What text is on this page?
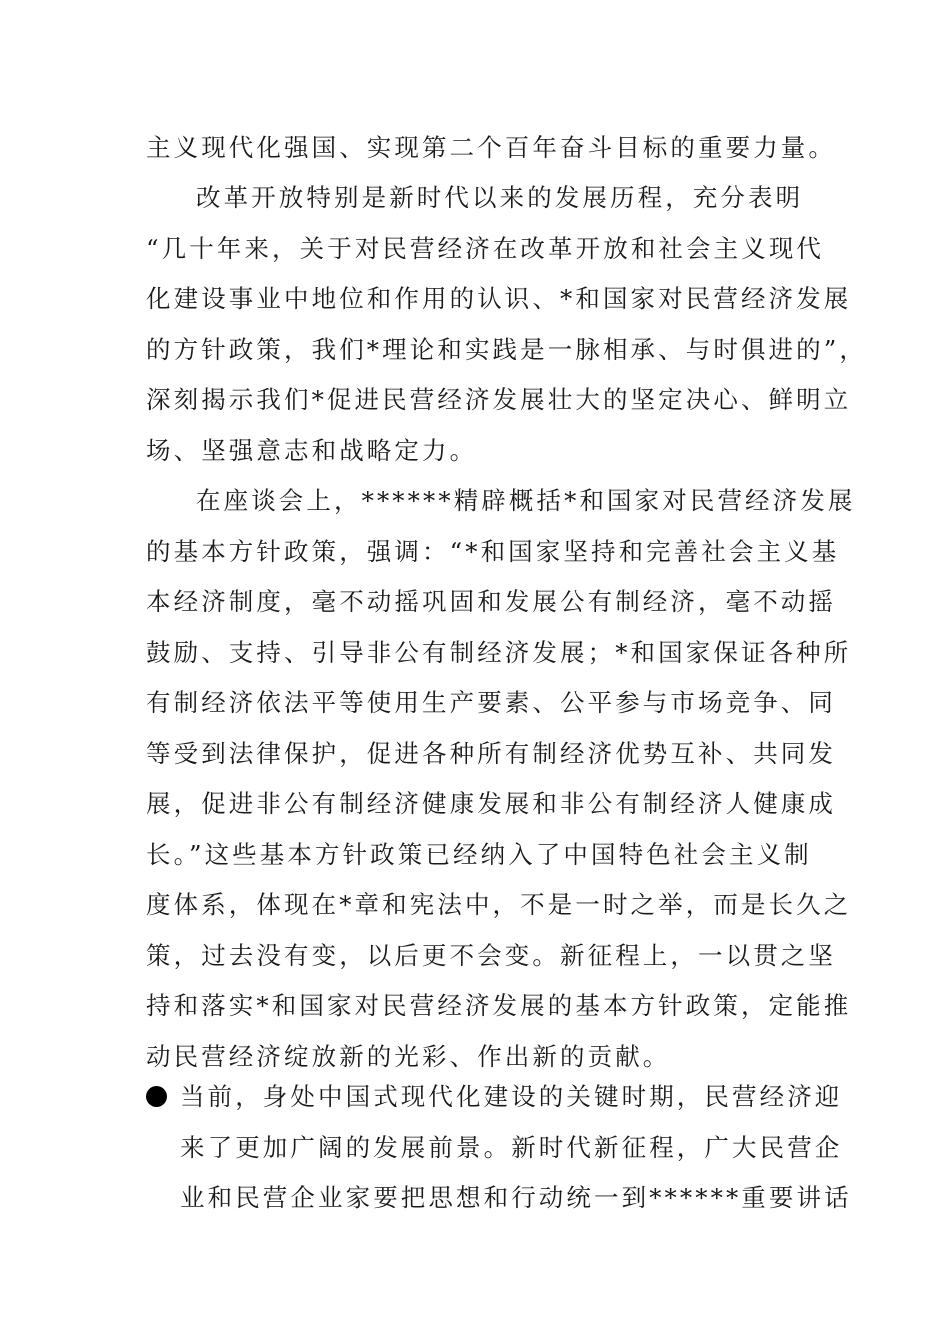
主义现代化强国、实现第二个百年奋斗目标的重要力量。
改革开放特别是新时代以来的发展历程，充分表明
“几十年来，关于对民营经济在改革开放和社会主义现代
化建设事业中地位和作用的认识、*和国家对民营经济发展
的方针政策，我们*理论和实践是一脉相承、与时俱进的”，
深刻揭示我们*促进民营经济发展壮大的坚定决心、鲜明立
场、坚强意志和战略定力。
在座谈会上，******精辟概括*和国家对民营经济发展
的基本方针政策，强调：“*和国家坚持和完善社会主义基
本经济制度，毫不动摇巩固和发展公有制经济，毫不动摇
鼓励、支持、引导非公有制经济发展；*和国家保证各种所
有制经济依法平等使用生产要素、公平参与市场竞争、同
等受到法律保护，促进各种所有制经济优势互补、共同发
展，促进非公有制经济健康发展和非公有制经济人健康成
长。”这些基本方针政策已经纳入了中国特色社会主义制
度体系，体现在*章和宪法中，不是一时之举，而是长久之
策，过去没有变，以后更不会变。新征程上，一以贯之坚
持和落实*和国家对民营经济发展的基本方针政策，定能推
动民营经济绽放新的光彩、作出新的贡献。
当前，身处中国式现代化建设的关键时期，民营经济迎
来了更加广阔的发展前景。新时代新征程，广大民营企
业和民营企业家要把思想和行动统一到******重要讲话
